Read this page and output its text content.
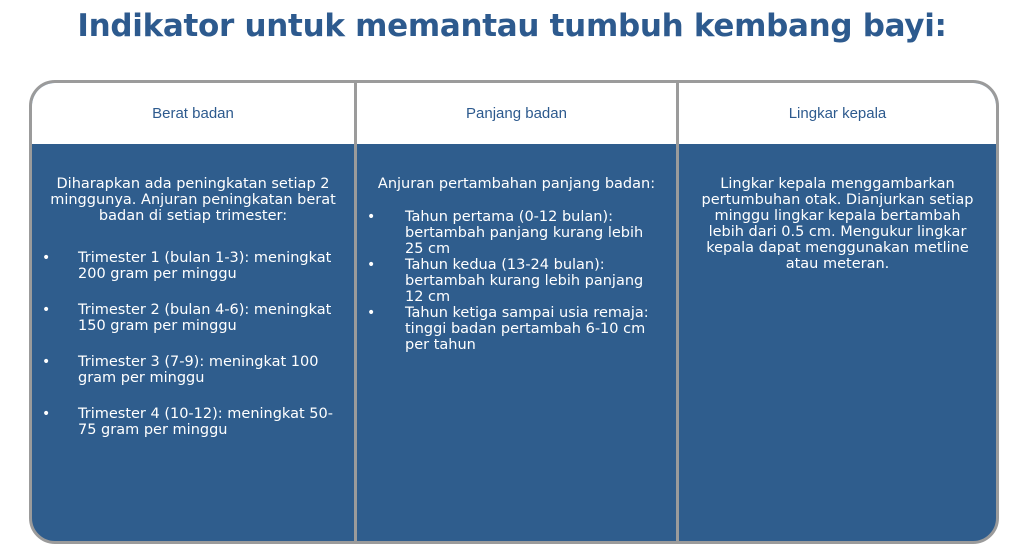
Indikator untuk memantau tumbuh kembang bayi:
Berat badan
Diharapkan ada peningkatan setiap 2 minggunya. Anjuran peningkatan berat badan di setiap trimester:
• Trimester 1 (bulan 1-3): meningkat 200 gram per minggu
• Trimester 2 (bulan 4-6): meningkat 150 gram per minggu
• Trimester 3 (7-9): meningkat 100 gram per minggu
• Trimester 4 (10-12): meningkat 50-75 gram per minggu
Panjang badan
Anjuran pertambahan panjang badan:
• Tahun pertama (0-12 bulan): bertambah panjang kurang lebih 25 cm
• Tahun kedua (13-24 bulan): bertambah kurang lebih panjang 12 cm
• Tahun ketiga sampai usia remaja: tinggi badan pertambah 6-10 cm per tahun
Lingkar kepala
Lingkar kepala menggambarkan pertumbuhan otak. Dianjurkan setiap minggu lingkar kepala bertambah lebih dari 0.5 cm. Mengukur lingkar kepala dapat menggunakan metline atau meteran.
